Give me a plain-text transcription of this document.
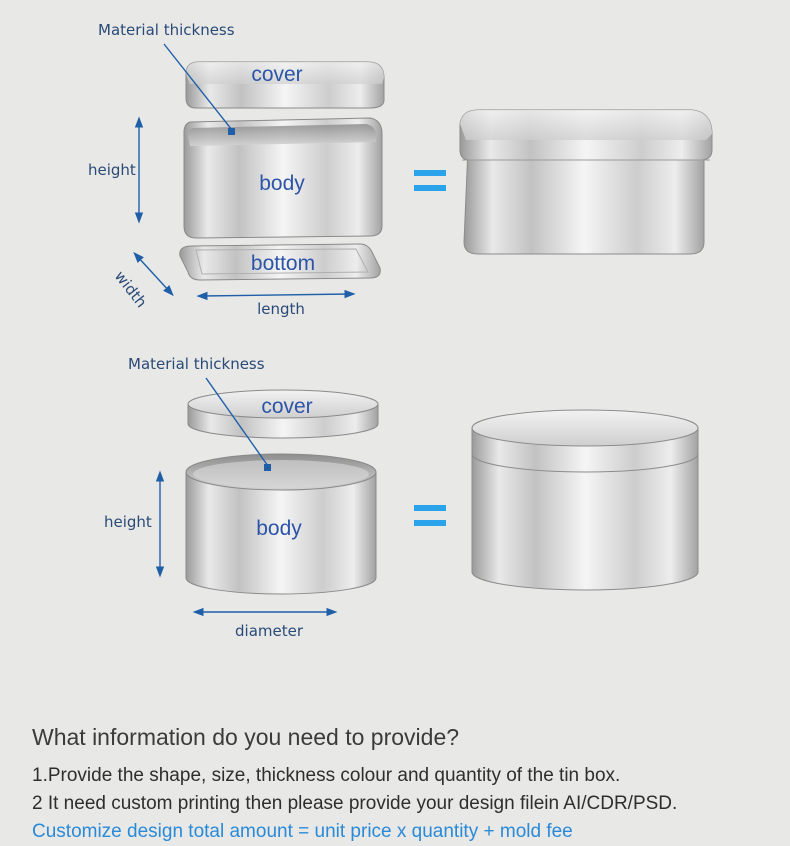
cover
body
bottom
Material thickness
height
width	length
cover
body
Material thickness
height
diameter

What information do you need to provide?

1.Provide the shape, size, thickness colour and quantity of the tin box.

2 It need custom printing then please provide your design filein AI/CDR/PSD.

Customize design total amount = unit price x quantity + mold fee
